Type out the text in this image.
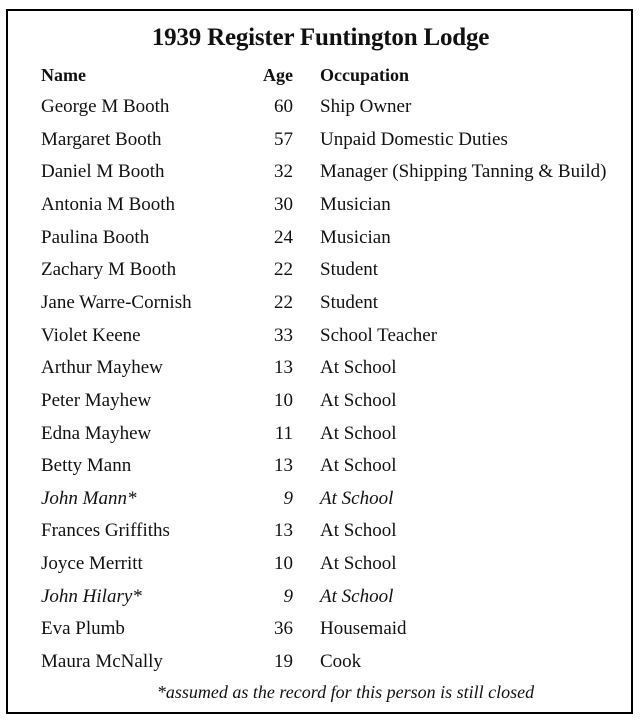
1939 Register Funtington Lodge
Name	Age Occupation
George M Booth	60 Ship Owner
Margaret Booth	57 Unpaid Domestic Duties
Daniel M Booth	32 Manager (Shipping Tanning & Build)
Antonia M Booth	30 Musician
Paulina Booth	24 Musician
Zachary M Booth	22 Student
Jane Warre-Cornish	22 Student
Violet Keene	33 School Teacher
Arthur Mayhew	13 At School
Peter Mayhew	10 At School
Edna Mayhew	11 At School
Betty Mann	13 At School
John Mann*	9 At School
Frances Griffiths	13 At School
Joyce Merritt	10 At School
John Hilary*	9 At School
Eva Plumb	36 Housemaid
Maura McNally	19 Cook
*assumed as the record for this person is still closed
